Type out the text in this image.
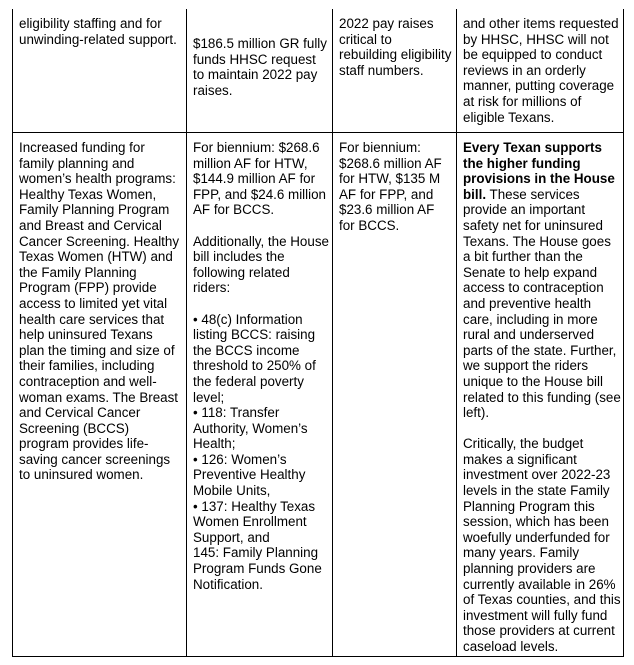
eligibility staffing and for unwinding-related support.	$186.5 million GR fully funds HHSC request to maintain 2022 pay raises.

2022 pay raises critical to rebuilding eligibility staff numbers.

and other items requested by HHSC, HHSC will not be equipped to conduct reviews in an orderly manner, putting coverage at risk for millions of eligible Texans.

Increased funding for family planning and women’s health programs: Healthy Texas Women, Family Planning Program and Breast and Cervical Cancer Screening. Healthy Texas Women (HTW) and the Family Planning Program (FPP) provide access to limited yet vital health care services that help uninsured Texans plan the timing and size of their families, including contraception and well-woman exams. The Breast and Cervical Cancer Screening (BCCS) program provides life-saving cancer screenings to uninsured women.

For biennium: $268.6 million AF for HTW, $144.9 million AF for FPP, and $24.6 million AF for BCCS.

Additionally, the House bill includes the following related riders:

• 48(c) Information listing BCCS: raising the BCCS income threshold to 250% of the federal poverty level;
• 118: Transfer Authority, Women’s Health;
• 126: Women’s Preventive Healthy Mobile Units,
• 137: Healthy Texas Women Enrollment Support, and
145: Family Planning Program Funds Gone Notification.

For biennium: $268.6 million AF for HTW, $135 M AF for FPP, and $23.6 million AF for BCCS.

Every Texan supports the higher funding provisions in the House bill. These services provide an important safety net for uninsured Texans. The House goes a bit further than the Senate to help expand access to contraception and preventive health care, including in more rural and underserved parts of the state. Further, we support the riders unique to the House bill related to this funding (see left).

Critically, the budget makes a significant investment over 2022-23 levels in the state Family Planning Program this session, which has been woefully underfunded for many years. Family planning providers are currently available in 26% of Texas counties, and this investment will fully fund those providers at current caseload levels.
